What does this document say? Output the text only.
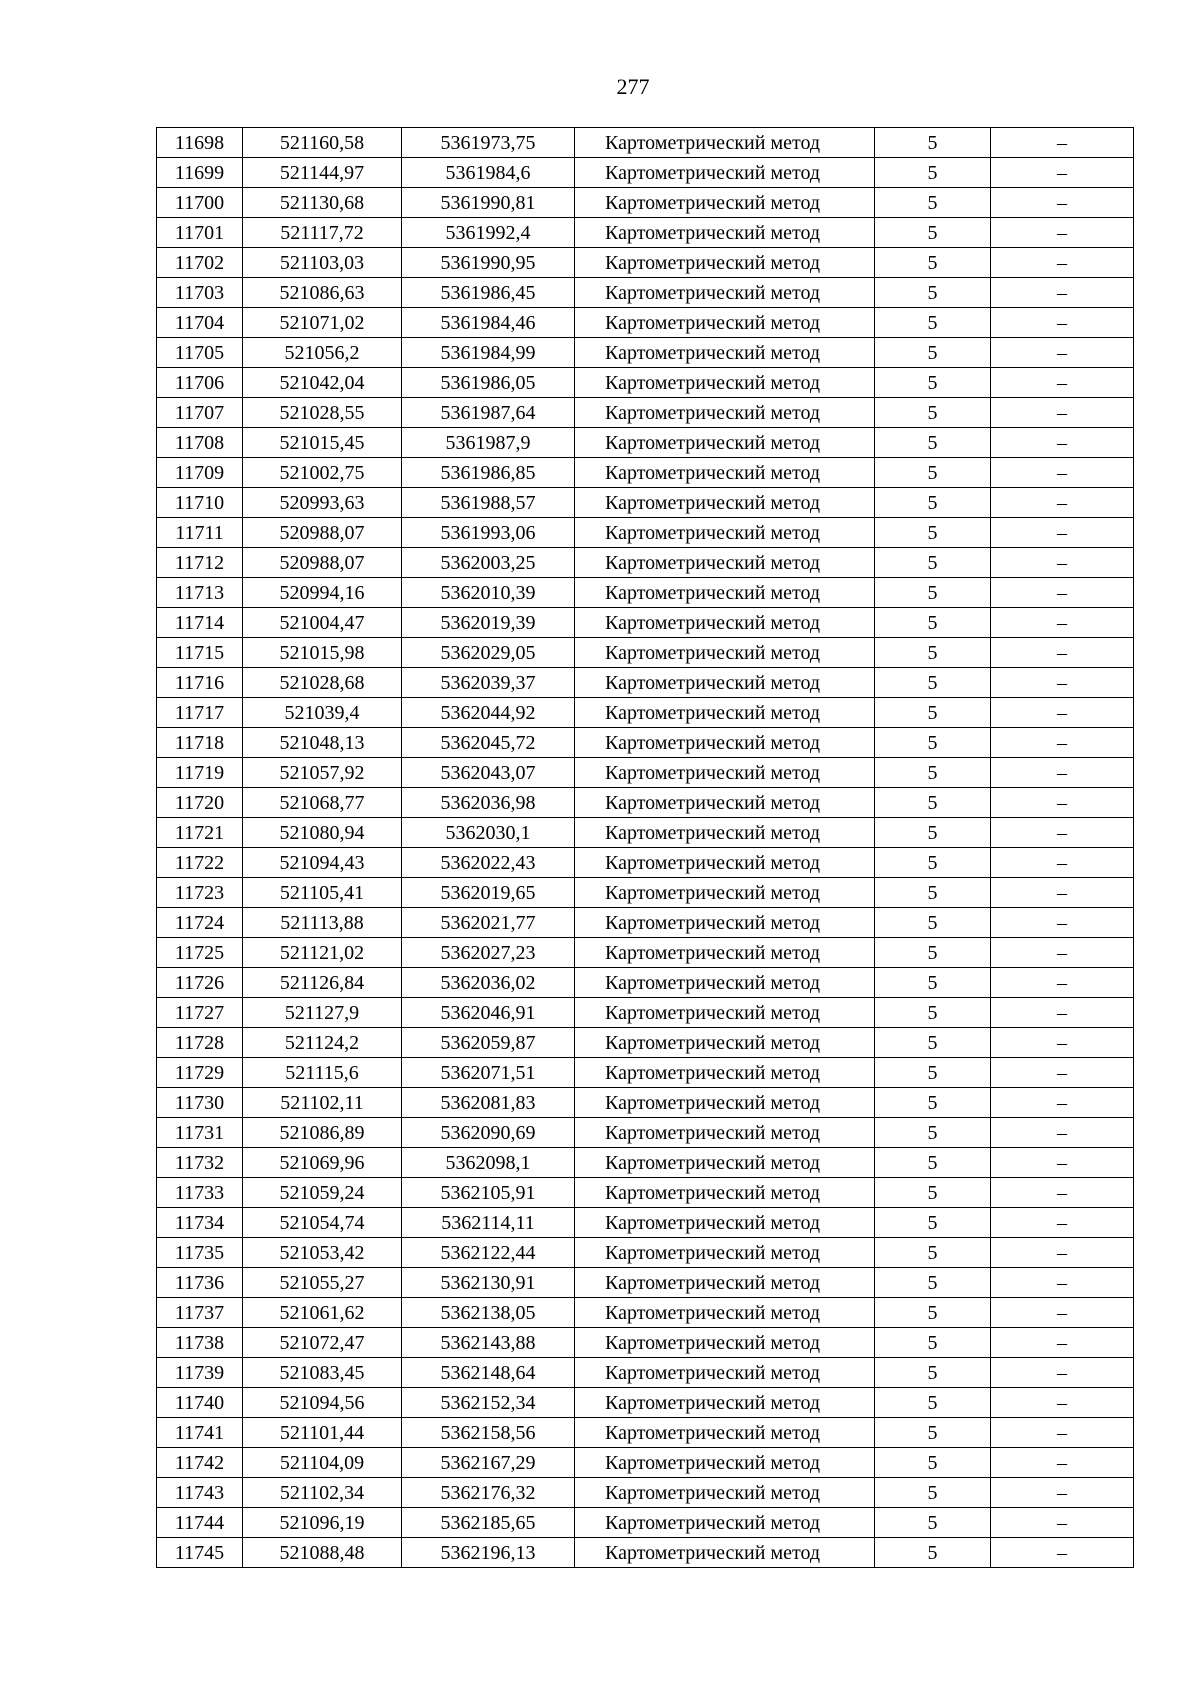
277
11698	521160,58	5361973,75	Картометрический метод	5	–
11699	521144,97	5361984,6	Картометрический метод	5	–
11700	521130,68	5361990,81	Картометрический метод	5	–
11701	521117,72	5361992,4	Картометрический метод	5	–
11702	521103,03	5361990,95	Картометрический метод	5	–
11703	521086,63	5361986,45	Картометрический метод	5	–
11704	521071,02	5361984,46	Картометрический метод	5	–
11705	521056,2	5361984,99	Картометрический метод	5	–
11706	521042,04	5361986,05	Картометрический метод	5	–
11707	521028,55	5361987,64	Картометрический метод	5	–
11708	521015,45	5361987,9	Картометрический метод	5	–
11709	521002,75	5361986,85	Картометрический метод	5	–
11710	520993,63	5361988,57	Картометрический метод	5	–
11711	520988,07	5361993,06	Картометрический метод	5	–
11712	520988,07	5362003,25	Картометрический метод	5	–
11713	520994,16	5362010,39	Картометрический метод	5	–
11714	521004,47	5362019,39	Картометрический метод	5	–
11715	521015,98	5362029,05	Картометрический метод	5	–
11716	521028,68	5362039,37	Картометрический метод	5	–
11717	521039,4	5362044,92	Картометрический метод	5	–
11718	521048,13	5362045,72	Картометрический метод	5	–
11719	521057,92	5362043,07	Картометрический метод	5	–
11720	521068,77	5362036,98	Картометрический метод	5	–
11721	521080,94	5362030,1	Картометрический метод	5	–
11722	521094,43	5362022,43	Картометрический метод	5	–
11723	521105,41	5362019,65	Картометрический метод	5	–
11724	521113,88	5362021,77	Картометрический метод	5	–
11725	521121,02	5362027,23	Картометрический метод	5	–
11726	521126,84	5362036,02	Картометрический метод	5	–
11727	521127,9	5362046,91	Картометрический метод	5	–
11728	521124,2	5362059,87	Картометрический метод	5	–
11729	521115,6	5362071,51	Картометрический метод	5	–
11730	521102,11	5362081,83	Картометрический метод	5	–
11731	521086,89	5362090,69	Картометрический метод	5	–
11732	521069,96	5362098,1	Картометрический метод	5	–
11733	521059,24	5362105,91	Картометрический метод	5	–
11734	521054,74	5362114,11	Картометрический метод	5	–
11735	521053,42	5362122,44	Картометрический метод	5	–
11736	521055,27	5362130,91	Картометрический метод	5	–
11737	521061,62	5362138,05	Картометрический метод	5	–
11738	521072,47	5362143,88	Картометрический метод	5	–
11739	521083,45	5362148,64	Картометрический метод	5	–
11740	521094,56	5362152,34	Картометрический метод	5	–
11741	521101,44	5362158,56	Картометрический метод	5	–
11742	521104,09	5362167,29	Картометрический метод	5	–
11743	521102,34	5362176,32	Картометрический метод	5	–
11744	521096,19	5362185,65	Картометрический метод	5	–
11745	521088,48	5362196,13	Картометрический метод	5	–
